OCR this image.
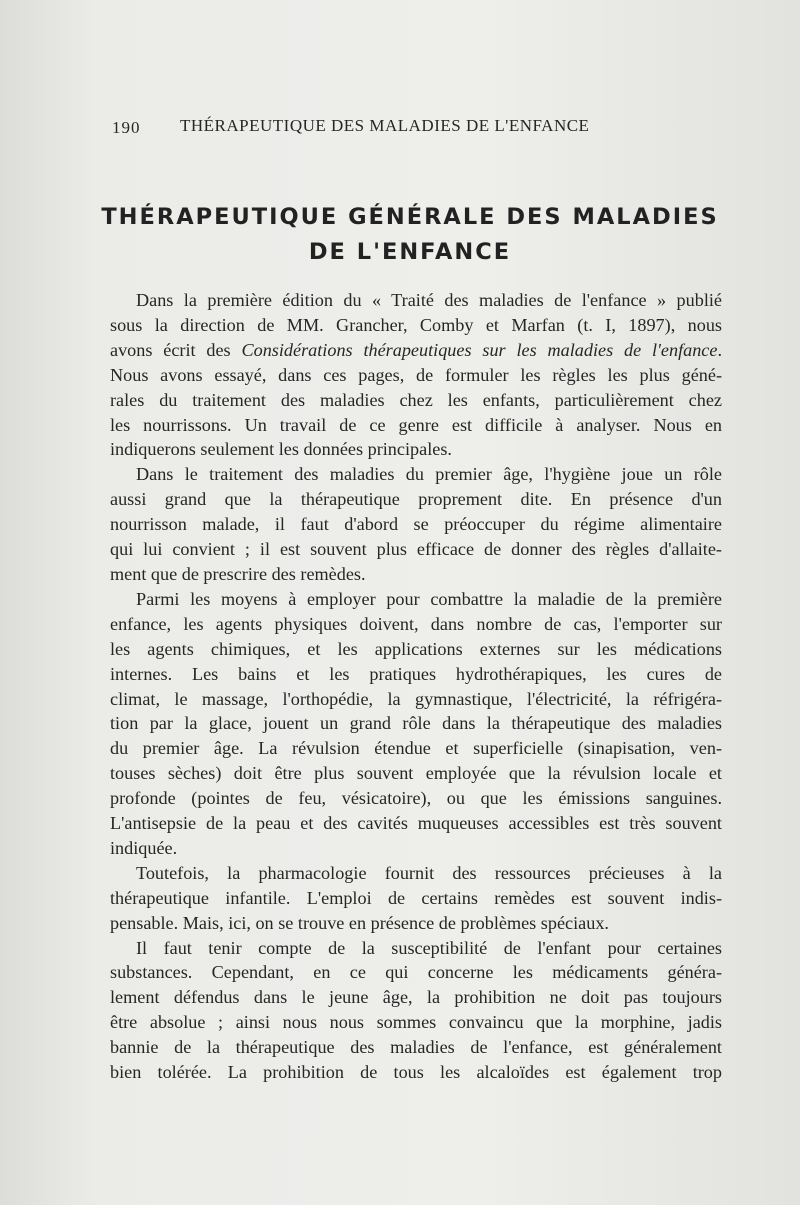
190 THÉRAPEUTIQUE DES MALADIES DE L'ENFANCE
THÉRAPEUTIQUE GÉNÉRALE DES MALADIES
DE L'ENFANCE

Dans la première édition du « Traité des maladies de l'enfance » publié
sous la direction de MM. Grancher, Comby et Marfan (t. I, 1897), nous
avons écrit des Considérations thérapeutiques sur les maladies de l'enfance.
Nous avons essayé, dans ces pages, de formuler les règles les plus géné-
rales du traitement des maladies chez les enfants, particulièrement chez
les nourrissons. Un travail de ce genre est difficile à analyser. Nous en
indiquerons seulement les données principales.

Dans le traitement des maladies du premier âge, l'hygiène joue un rôle
aussi grand que la thérapeutique proprement dite. En présence d'un
nourrisson malade, il faut d'abord se préoccuper du régime alimentaire
qui lui convient ; il est souvent plus efficace de donner des règles d'allaite-
ment que de prescrire des remèdes.

Parmi les moyens à employer pour combattre la maladie de la première
enfance, les agents physiques doivent, dans nombre de cas, l'emporter sur
les agents chimiques, et les applications externes sur les médications
internes. Les bains et les pratiques hydrothérapiques, les cures de
climat, le massage, l'orthopédie, la gymnastique, l'électricité, la réfrigéra-
tion par la glace, jouent un grand rôle dans la thérapeutique des maladies
du premier âge. La révulsion étendue et superficielle (sinapisation, ven-
touses sèches) doit être plus souvent employée que la révulsion locale et
profonde (pointes de feu, vésicatoire), ou que les émissions sanguines.
L'antisepsie de la peau et des cavités muqueuses accessibles est très souvent
indiquée.

Toutefois, la pharmacologie fournit des ressources précieuses à la
thérapeutique infantile. L'emploi de certains remèdes est souvent indis-
pensable. Mais, ici, on se trouve en présence de problèmes spéciaux.

Il faut tenir compte de la susceptibilité de l'enfant pour certaines
substances. Cependant, en ce qui concerne les médicaments généra-
lement défendus dans le jeune âge, la prohibition ne doit pas toujours
être absolue ; ainsi nous nous sommes convaincu que la morphine, jadis
bannie de la thérapeutique des maladies de l'enfance, est généralement
bien tolérée. La prohibition de tous les alcaloïdes est également trop
